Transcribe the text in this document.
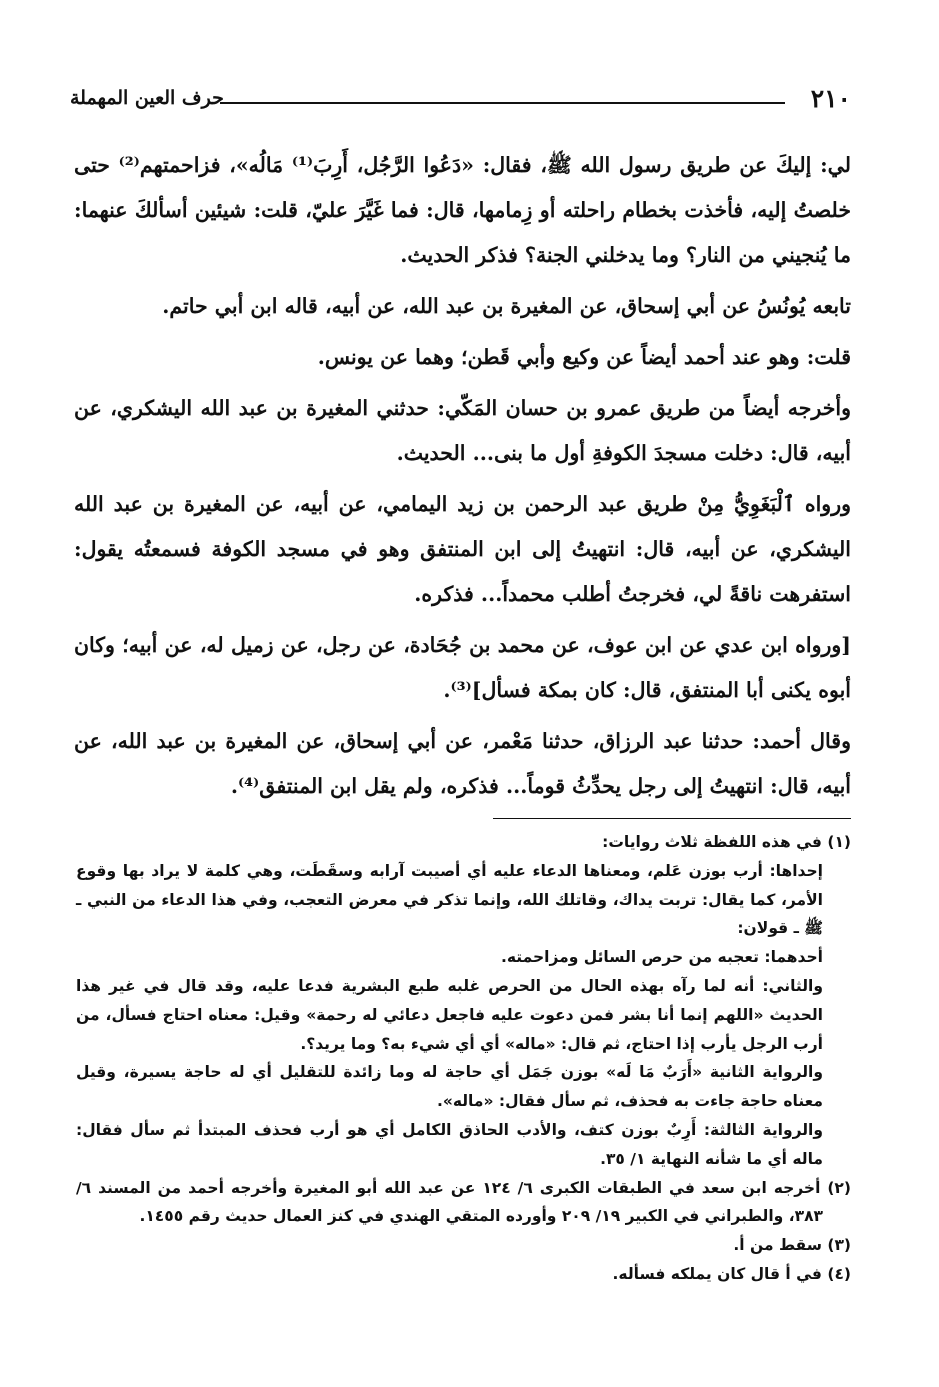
٢١٠
حرف العين المهملة

لي: إليكَ عن طريق رسول الله ﷺ، فقال: «دَعُوا الرَّجُل، أَرِبَ⁽¹⁾ مَالُه»، فزاحمتهم⁽²⁾ حتى خلصتُ إليه، فأخذت بخطام راحلته أو زِمامها، قال: فما غَيَّرَ عليّ، قلت: شيئين أسألكَ عنهما: ما يُنجيني من النار؟ وما يدخلني الجنة؟ فذكر الحديث.

تابعه يُونُسُ عن أبي إسحاق، عن المغيرة بن عبد الله، عن أبيه، قاله ابن أبي حاتم.

قلت: وهو عند أحمد أيضاً عن وكيع وأبي قَطن؛ وهما عن يونس.

وأخرجه أيضاً من طريق عمرو بن حسان المَكّي: حدثني المغيرة بن عبد الله اليشكري، عن أبيه، قال: دخلت مسجدَ الكوفةِ أول ما بنى... الحديث.

ورواه ٱلْبَغَوِيُّ مِنْ طريق عبد الرحمن بن زيد اليمامي، عن أبيه، عن المغيرة بن عبد الله اليشكري، عن أبيه، قال: انتهيتُ إلى ابن المنتفق وهو في مسجد الكوفة فسمعتُه يقول: استفرهت ناقةً لي، فخرجتُ أطلب محمداً... فذكره.

[ورواه ابن عدي عن ابن عوف، عن محمد بن جُحَادة، عن رجل، عن زميل له، عن أبيه؛ وكان أبوه يكنى أبا المنتفق، قال: كان بمكة فسأل]⁽³⁾.

وقال أحمد: حدثنا عبد الرزاق، حدثنا مَعْمر، عن أبي إسحاق، عن المغيرة بن عبد الله، عن أبيه، قال: انتهيتُ إلى رجل يحدِّثُ قوماً... فذكره، ولم يقل ابن المنتفق⁽⁴⁾.

(١) في هذه اللفظة ثلاث روايات:

إحداها: أرب بوزن عَلم، ومعناها الدعاء عليه أي أصيبت آرابه وسقَطَت، وهي كلمة لا يراد بها وقوع الأمر، كما يقال: تربت يداك، وقاتلك الله، وإنما تذكر في معرض التعجب، وفي هذا الدعاء من النبي ـ ﷺ ـ قولان:

أحدهما: تعجبه من حرص السائل ومزاحمته.

والثاني: أنه لما رآه بهذه الحال من الحرص غلبه طبع البشرية فدعا عليه، وقد قال في غير هذا الحديث «اللهم إنما أنا بشر فمن دعوت عليه فاجعل دعائي له رحمة» وقيل: معناه احتاج فسأل، من أرب الرجل يأرب إذا احتاج، ثم قال: «ماله» أي أي شيء به؟ وما يريد؟.

والرواية الثانية «أَرَبٌ مَا لَه» بوزن جَمَل أي حاجة له وما زائدة للتقليل أي له حاجة يسيرة، وقيل معناه حاجة جاءت به فحذف، ثم سأل فقال: «ماله».

والرواية الثالثة: أَرِبٌ بوزن كتف، والأدب الحاذق الكامل أي هو أرب فحذف المبتدأ ثم سأل فقال: ماله أي ما شأنه النهاية ١/ ٣٥.

(٢) أخرجه ابن سعد في الطبقات الكبرى ٦/ ١٢٤ عن عبد الله أبو المغيرة وأخرجه أحمد من المسند ٦/ ٣٨٣، والطبراني في الكبير ١٩/ ٢٠٩ وأورده المتقي الهندي في كنز العمال حديث رقم ١٤٥٥.

(٣) سقط من أ.

(٤) في أ قال كان يملكه فسأله.
